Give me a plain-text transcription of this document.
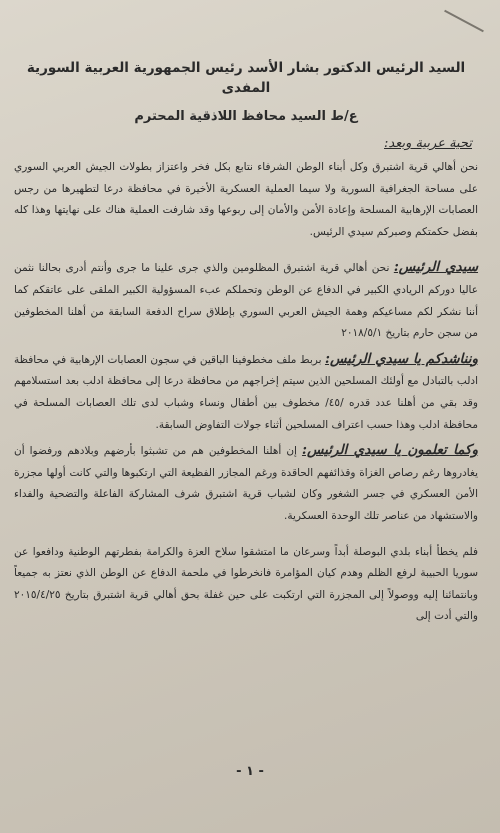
السيد الرئيس الدكتور بشار الأسد رئيس الجمهورية العربية السورية المفدى
ع/ط السيد محافظ اللاذقية المحترم
تحية عربية وبعد:

نحن أهالي قرية اشتبرق وكل أبناء الوطن الشرفاء نتابع بكل فخر واعتزاز بطولات الجيش العربي السوري على مساحة الجغرافية السورية ولا سيما العملية العسكرية الأخيرة في محافظة درعا لتطهيرها من رجس العصابات الإرهابية المسلحة وإعادة الأمن والأمان إلى ربوعها وقد شارفت العملية هناك على نهايتها وهذا كله بفضل حكمتكم وصبركم سيدي الرئيس.

سيدي الرئيس: نحن أهالي قرية اشتبرق المظلومين والذي جرى علينا ما جرى وأنتم أدرى بحالنا نثمن عاليا دوركم الريادي الكبير في الدفاع عن الوطن وتحملكم عبء المسؤولية الكبير الملقى على عاتقكم كما أننا نشكر لكم مساعيكم وهمة الجيش العربي السوري بإطلاق سراح الدفعة السابقة من أهلنا المخطوفين من سجن حارم بتاريخ ٢٠١٨/٥/١

ونناشدكم يا سيدي الرئيس: بربط ملف مخطوفينا الباقين في سجون العصابات الإرهابية في محافظة ادلب بالتبادل مع أولئك المسلحين الذين سيتم إخراجهم من محافظة درعا إلى محافظة ادلب بعد استسلامهم وقد بقي من أهلنا عدد قدره /٤٥/ مخطوف بين أطفال ونساء وشباب لدى تلك العصابات المسلحة في محافظة ادلب وهذا حسب اعتراف المسلحين أثناء جولات التفاوض السابقة.

وكما تعلمون يا سيدي الرئيس: إن أهلنا المخطوفين هم من تشبثوا بأرضهم وبلادهم ورفضوا أن يغادروها رغم رصاص الغزاة وقذائفهم الحاقدة ورغم المجازر الفظيعة التي ارتكبوها والتي كانت أولها مجزرة الأمن العسكري في جسر الشغور وكان لشباب قرية اشتبرق شرف المشاركة الفاعلة والتضحية والفداء والاستشهاد من عناصر تلك الوحدة العسكرية.

فلم يخطأ أبناء بلدي البوصلة أبداً وسرعان ما امتشقوا سلاح العزة والكرامة بفطرتهم الوطنية ودافعوا عن سوريا الحبيبة لرفع الظلم وهدم كيان المؤامرة فانخرطوا في ملحمة الدفاع عن الوطن الذي نعتز به جميعاً وبانتمائنا إليه ووصولاً إلى المجزرة التي ارتكبت على حين غفلة بحق أهالي قرية اشتبرق بتاريخ ٢٠١٥/٤/٢٥ والتي أدت إلى

- ١ -
